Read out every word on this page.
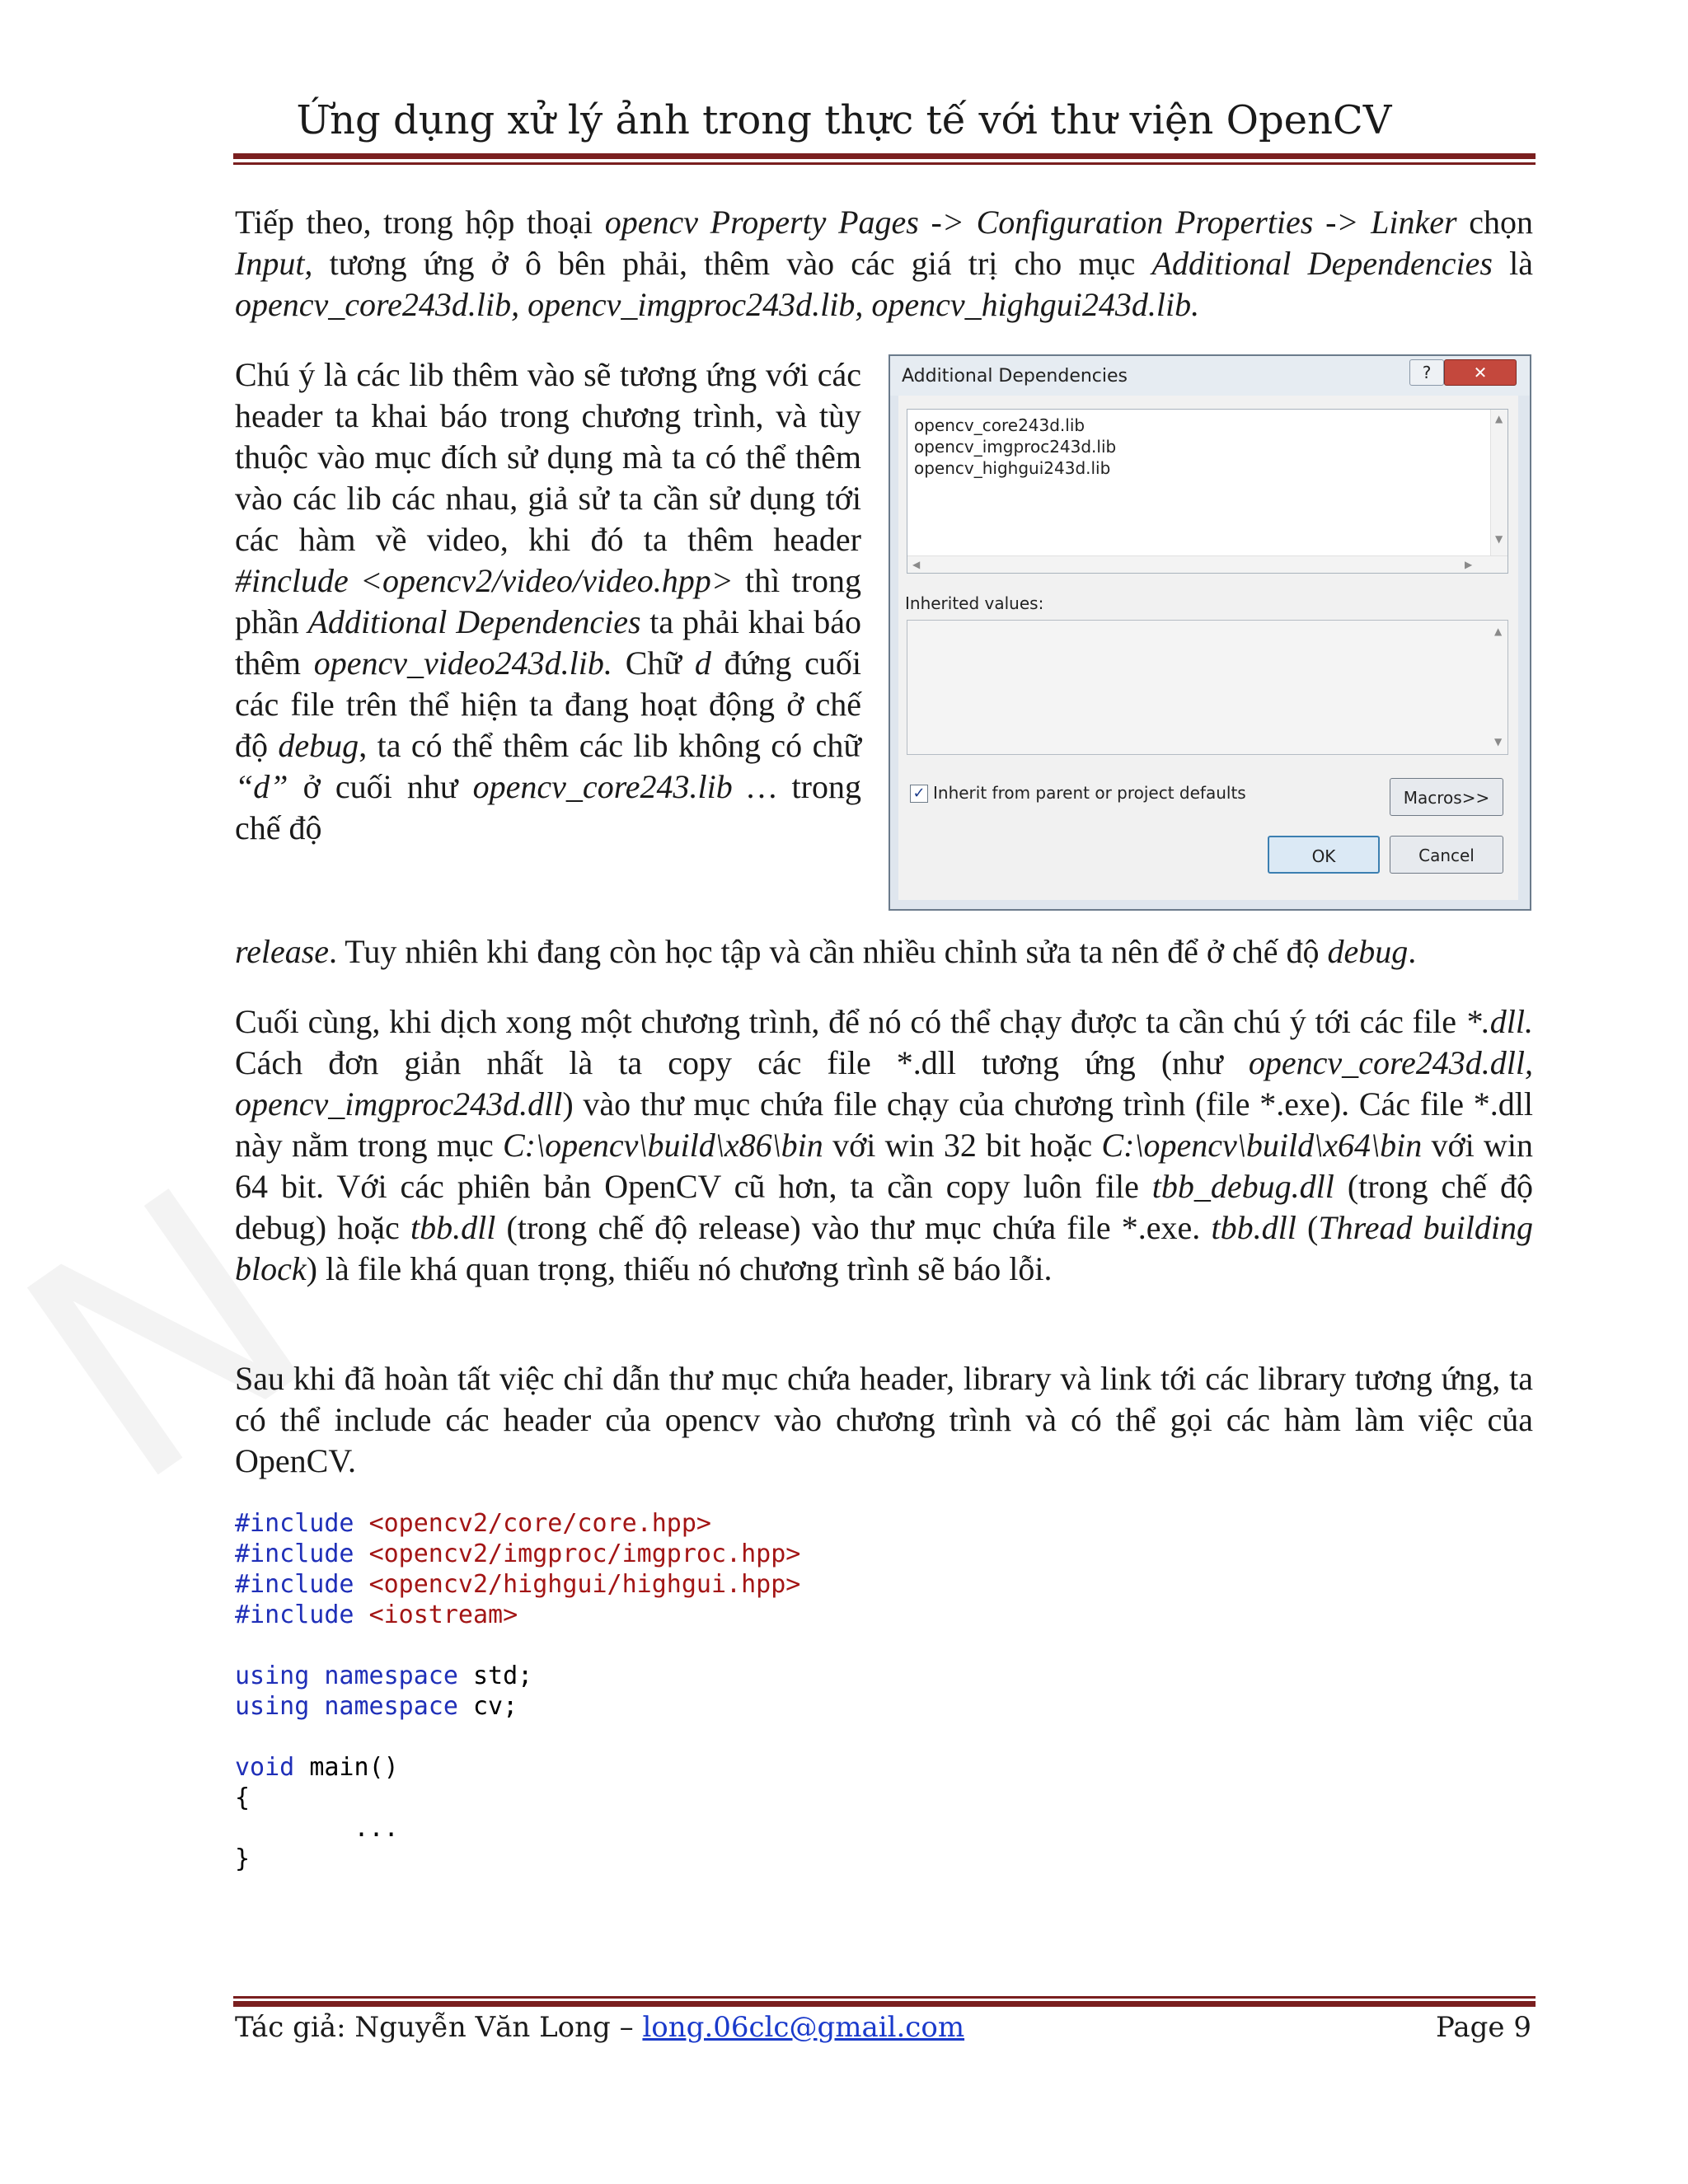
Ứng dụng xử lý ảnh trong thực tế với thư viện OpenCV
Tiếp theo, trong hộp thoại opencv Property Pages -> Configuration Properties -> Linker chọn Input, tương ứng ở ô bên phải, thêm vào các giá trị cho mục Additional Dependencies là opencv_core243d.lib, opencv_imgproc243d.lib, opencv_highgui243d.lib.
Chú ý là các lib thêm vào sẽ tương ứng với các header ta khai báo trong chương trình, và tùy thuộc vào mục đích sử dụng mà ta có thể thêm vào các lib các nhau, giả sử ta cần sử dụng tới các hàm về video, khi đó ta thêm header #include <opencv2/video/video.hpp> thì trong phần Additional Dependencies ta phải khai báo thêm opencv_video243d.lib. Chữ d đứng cuối các file trên thể hiện ta đang hoạt động ở chế độ debug, ta có thể thêm các lib không có chữ “d” ở cuối như opencv_core243.lib … trong chế độ
release. Tuy nhiên khi đang còn học tập và cần nhiều chỉnh sửa ta nên để ở chế độ debug.
Additional Dependencies	?	✕
opencv_core243d.lib
opencv_imgproc243d.lib
opencv_highgui243d.lib
▲
▼
◀	▶
Inherited values:
▲
▼
✓ Inherit from parent or project defaults	Macros>>
OK	Cancel
Cuối cùng, khi dịch xong một chương trình, để nó có thể chạy được ta cần chú ý tới các file *.dll. Cách đơn giản nhất là ta copy các file *.dll tương ứng (như opencv_core243d.dll, opencv_imgproc243d.dll) vào thư mục chứa file chạy của chương trình (file *.exe). Các file *.dll này nằm trong mục C:\opencv\build\x86\bin với win 32 bit hoặc C:\opencv\build\x64\bin với win 64 bit. Với các phiên bản OpenCV cũ hơn, ta cần copy luôn file tbb_debug.dll (trong chế độ debug) hoặc tbb.dll (trong chế độ release) vào thư mục chứa file *.exe. tbb.dll (Thread building block) là file khá quan trọng, thiếu nó chương trình sẽ báo lỗi.
Sau khi đã hoàn tất việc chỉ dẫn thư mục chứa header, library và link tới các library tương ứng, ta có thể include các header của opencv vào chương trình và có thể gọi các hàm làm việc của OpenCV.
#include <opencv2/core/core.hpp>
#include <opencv2/imgproc/imgproc.hpp>
#include <opencv2/highgui/highgui.hpp>
#include <iostream>

using namespace std;
using namespace cv;

void main()
{
...
}
Tác giả: Nguyễn Văn Long – long.06clc@gmail.com	Page 9
